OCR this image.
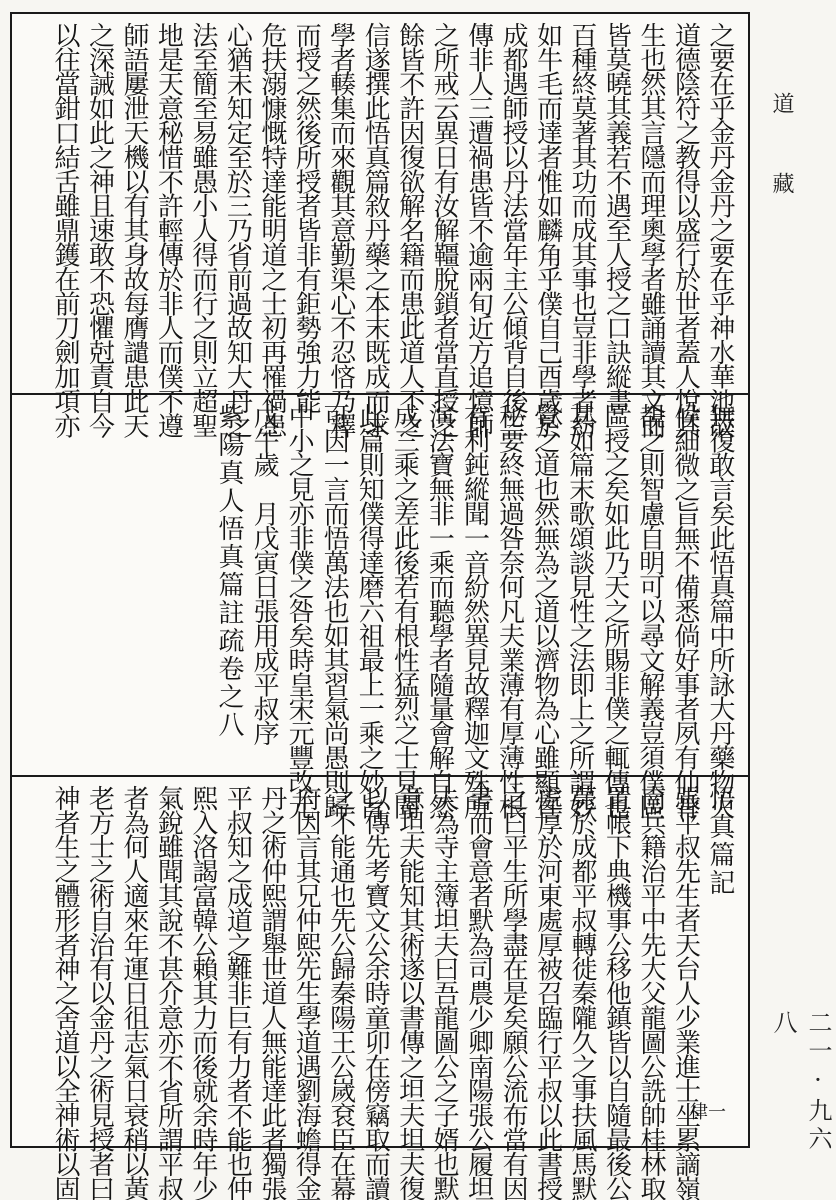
之要在乎金丹金丹之要在乎神水華池故
道德陰符之教得以盛行於世者蓋人悅其
生也然其言隱而理奧學者雖誦讀其文而
皆莫曉其義若不遇至人授之口訣縱畫
百種終莫著其功而成其事也豈非學者紛
如牛毛而達者惟如麟角乎僕自己酉歲於
成都遇師授以丹法當年主公傾背自後三
傳非人三遭禍患皆不逾兩旬近方追憶師
之所戒云異日有汝解韁脫鎖者當直授之
餘皆不許因復欲解名籍而患此道人不之
信遂撰此悟真篇敘丹藥之本末既成而求
學者輳集而來觀其意勤渠心不忍悋乃釋
而授之然後所授者皆非有鉅勢強力能
危扶溺慷慨特達能明道之士初再罹禍患
心猶未知定至於三乃省前過故知大丹之
法至簡至易雖愚小人得而行之則立超聖
地是天意秘惜不許輕傳於非人而僕不遵
師語屢泄天機以有其身故每膺譴患此天
之深誡如此之神且速敢不恐懼尅責自今
以往當鉗口結舌雖鼎鑊在前刀劍加項亦
無復敢言矣此悟真篇中所詠大丹藥物火
候細微之旨無不備悉倘好事者夙有仙骨
覩之則智慮自明可以尋文解義豈須僕區
區授之矣如此乃天之所賜非僕之輒傳也
其如篇末歌頌談見性之法即上之所謂妙
覺之道也然無為之道以濟物為心雖顯宣
秘要終無過咎奈何凡夫業薄有厚薄性根
有利鈍縱聞一音紛然異見故釋迦文殊所
演法寶無非一乘而聽學者隨量會解自然
成三乘之差此後若有根性猛烈之士見聞
此篇則知僕得達磨六祖最上一乘之妙旨
可因一言而悟萬法也如其習氣尚愚則歸
中小之見亦非僕之咎矣時皇宋元豐改元
戊午歲　月戊寅日張用成平叔序
紫陽真人悟真篇註疏卷之八
悟真篇記
張平叔先生者天台人少業進士坐累謫嶺
南兵籍治平中先大父龍圖公詵帥桂林取
置帳下典機事公移他鎮皆以自隨最後公
薨於成都平叔轉徙秦隴久之事扶風馬默
處厚於河東處厚被召臨行平叔以此書授
之曰平生所學盡在是矣願公流布當有因
書而會意者默為司農少卿南陽張公履坦
夫為寺主簿坦夫曰吾龍圖公之子婿也默
意坦夫能知其術遂以書傳之坦夫坦夫復
以傳先考寶文公余時童卯在傍竊取而讀
之不能通也先公歸秦陽王公嵗袞臣在幕
府因言其兄仲熙先生學道遇劉海蟾得金
丹之術仲熙謂舉世道人無能達此者獨張
平叔知之成道之難非巨有力者不能也仲
熙入洛謁富韓公賴其力而後就余時年少
氣銳雖聞其說不甚介意亦不省所謂平叔
者為何人適來年運日徂志氣日衰稍以黃
老方士之術自治有以金丹之術見授者曰
神者生之體形者神之舍道以全神術以固
道
藏
二一·九六八
律一
